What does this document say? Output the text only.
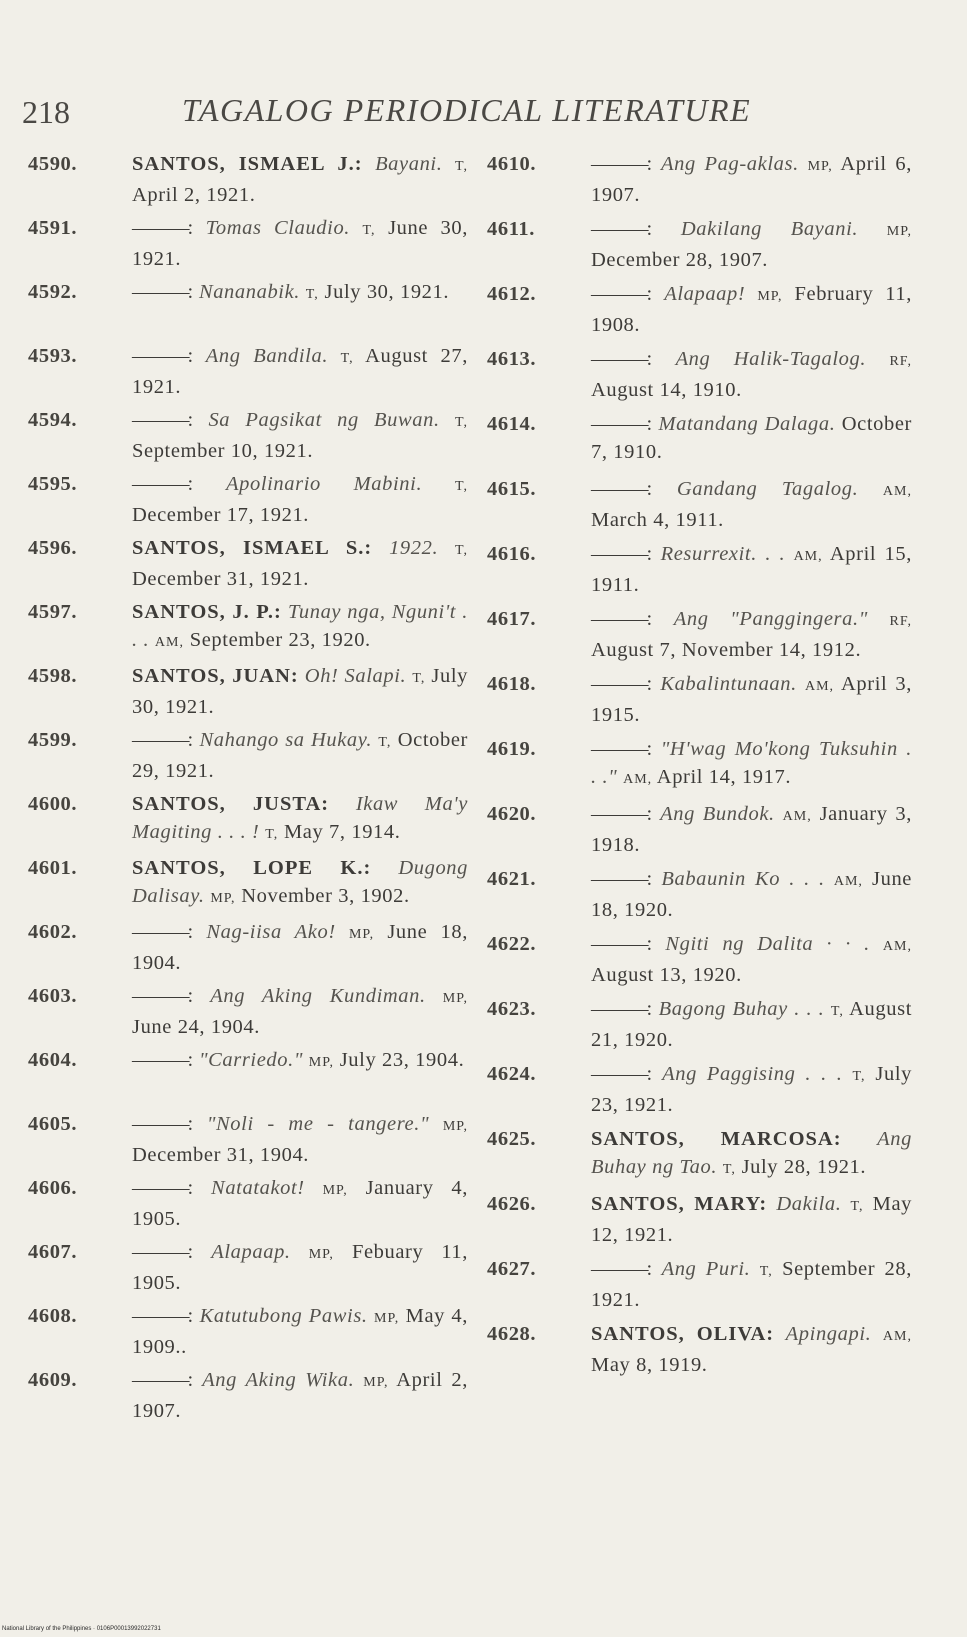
218	TAGALOG PERIODICAL LITERATURE
4590.	SANTOS, ISMAEL J.: Bayani. T, April 2, 1921.
4591.	———: Tomas Claudio. T, June 30, 1921.
4592.	———: Nananabik. T, July 30, 1921.
4593.	———: Ang Bandila. T, August 27, 1921.
4594.	———: Sa Pagsikat ng Buwan. T, September 10, 1921.
4595.	———: Apolinario Mabini. T, December 17, 1921.
4596.	SANTOS, ISMAEL S.: 1922. T, December 31, 1921.
4597.	SANTOS, J. P.: Tunay nga, Nguni't . . . AM, September 23, 1920.
4598.	SANTOS, JUAN: Oh! Salapi. T, July 30, 1921.
4599.	———: Nahango sa Hukay. T, October 29, 1921.
4600.	SANTOS, JUSTA: Ikaw Ma'y Magiting . . . ! T, May 7, 1914.
4601.	SANTOS, LOPE K.: Dugong Dalisay. MP, November 3, 1902.
4602.	———: Nag-iisa Ako! MP, June 18, 1904.
4603.	———: Ang Aking Kundiman. MP, June 24, 1904.
4604.	———: "Carriedo." MP, July 23, 1904.
4605.	———: "Noli - me - tangere." MP, December 31, 1904.
4606.	———: Natatakot! MP, January 4, 1905.
4607.	———: Alapaap. MP, Febuary 11, 1905.
4608.	———: Katutubong Pawis. MP, May 4, 1909..
4609.	———: Ang Aking Wika. MP, April 2, 1907.
4610.	———: Ang Pag-aklas. MP, April 6, 1907.
4611.	———: Dakilang Bayani. MP, December 28, 1907.
4612.	———: Alapaap! MP, February 11, 1908.
4613.	———: Ang Halik-Tagalog. RF, August 14, 1910.
4614.	———: Matandang Dalaga. October 7, 1910.
4615.	———: Gandang Tagalog. AM, March 4, 1911.
4616.	———: Resurrexit. . . AM, April 15, 1911.
4617.	———: Ang "Panggingera." RF, August 7, November 14, 1912.
4618.	———: Kabalintunaan. AM, April 3, 1915.
4619.	———: "H'wag Mo'kong Tuksuhin . . ." AM, April 14, 1917.
4620.	———: Ang Bundok. AM, January 3, 1918.
4621.	———: Babaunin Ko . . . AM, June 18, 1920.
4622.	———: Ngiti ng Dalita · · . AM, August 13, 1920.
4623.	———: Bagong Buhay . . . T, August 21, 1920.
4624.	———: Ang Paggising . . . T, July 23, 1921.
4625.	SANTOS, MARCOSA: Ang Buhay ng Tao. T, July 28, 1921.
4626.	SANTOS, MARY: Dakila. T, May 12, 1921.
4627.	———: Ang Puri. T, September 28, 1921.
4628.	SANTOS, OLIVA: Apingapi. AM, May 8, 1919.
National Library of the Philippines · 0106P00013992022731
